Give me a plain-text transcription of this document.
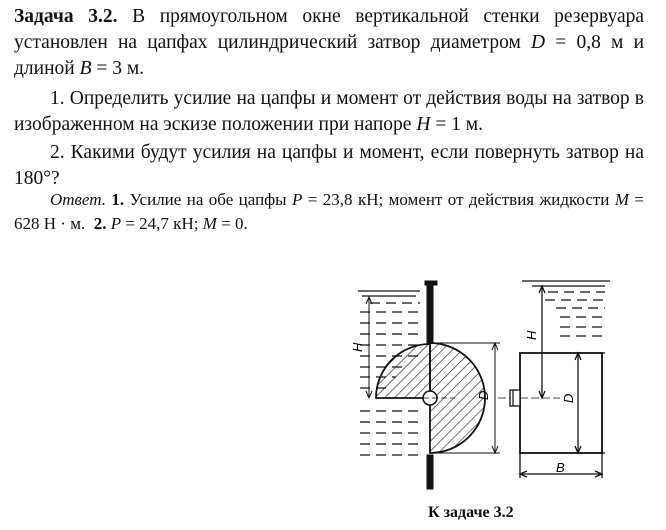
Задача 3.2. В прямоугольном окне вертикальной стенки резервуара установлен на цапфах цилиндрический затвор диаметром D = 0,8 м и длиной B = 3 м.

1. Определить усилие на цапфы и момент от действия воды на затвор в изображенном на эскизе положении при напоре H = 1 м.

2. Какими будут усилия на цапфы и момент, если повернуть затвор на 180°?

Ответ. 1. Усилие на обе цапфы P = 23,8 кН; момент от действия жидкости M = 628 Н · м. 2. P = 24,7 кН; M = 0.

H
D
H
D
B
К задаче 3.2
